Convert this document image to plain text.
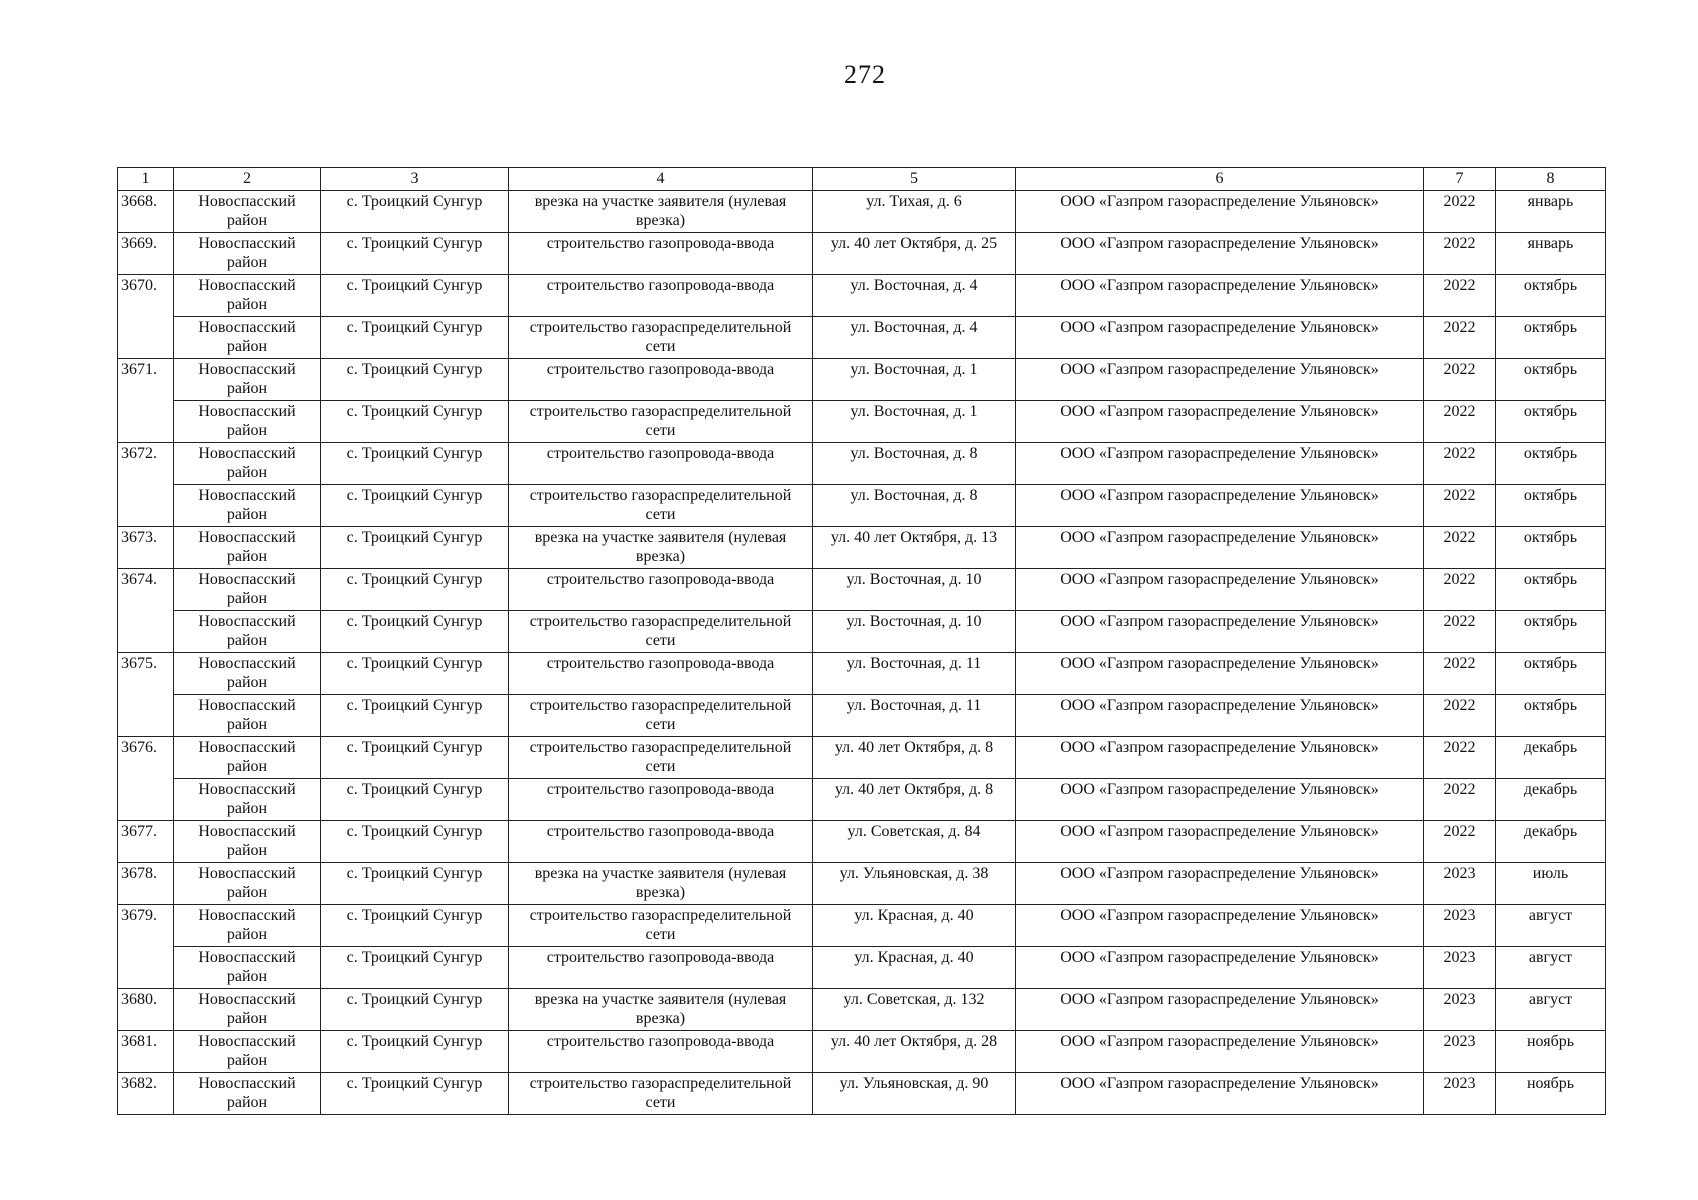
272
1	2	3	4	5	6	7	8
3668.	Новоспасский район	с. Троицкий Сунгур	врезка на участке заявителя (нулевая врезка)	ул. Тихая, д. 6	ООО «Газпром газораспределение Ульяновск»	2022	январь
3669.	Новоспасский район	с. Троицкий Сунгур	строительство газопровода-ввода	ул. 40 лет Октября, д. 25	ООО «Газпром газораспределение Ульяновск»	2022	январь
3670.	Новоспасский район	с. Троицкий Сунгур	строительство газопровода-ввода	ул. Восточная, д. 4	ООО «Газпром газораспределение Ульяновск»	2022	октябрь
	Новоспасский район	с. Троицкий Сунгур	строительство газораспределительной сети	ул. Восточная, д. 4	ООО «Газпром газораспределение Ульяновск»	2022	октябрь
3671.	Новоспасский район	с. Троицкий Сунгур	строительство газопровода-ввода	ул. Восточная, д. 1	ООО «Газпром газораспределение Ульяновск»	2022	октябрь
	Новоспасский район	с. Троицкий Сунгур	строительство газораспределительной сети	ул. Восточная, д. 1	ООО «Газпром газораспределение Ульяновск»	2022	октябрь
3672.	Новоспасский район	с. Троицкий Сунгур	строительство газопровода-ввода	ул. Восточная, д. 8	ООО «Газпром газораспределение Ульяновск»	2022	октябрь
	Новоспасский район	с. Троицкий Сунгур	строительство газораспределительной сети	ул. Восточная, д. 8	ООО «Газпром газораспределение Ульяновск»	2022	октябрь
3673.	Новоспасский район	с. Троицкий Сунгур	врезка на участке заявителя (нулевая врезка)	ул. 40 лет Октября, д. 13	ООО «Газпром газораспределение Ульяновск»	2022	октябрь
3674.	Новоспасский район	с. Троицкий Сунгур	строительство газопровода-ввода	ул. Восточная, д. 10	ООО «Газпром газораспределение Ульяновск»	2022	октябрь
	Новоспасский район	с. Троицкий Сунгур	строительство газораспределительной сети	ул. Восточная, д. 10	ООО «Газпром газораспределение Ульяновск»	2022	октябрь
3675.	Новоспасский район	с. Троицкий Сунгур	строительство газопровода-ввода	ул. Восточная, д. 11	ООО «Газпром газораспределение Ульяновск»	2022	октябрь
	Новоспасский район	с. Троицкий Сунгур	строительство газораспределительной сети	ул. Восточная, д. 11	ООО «Газпром газораспределение Ульяновск»	2022	октябрь
3676.	Новоспасский район	с. Троицкий Сунгур	строительство газораспределительной сети	ул. 40 лет Октября, д. 8	ООО «Газпром газораспределение Ульяновск»	2022	декабрь
	Новоспасский район	с. Троицкий Сунгур	строительство газопровода-ввода	ул. 40 лет Октября, д. 8	ООО «Газпром газораспределение Ульяновск»	2022	декабрь
3677.	Новоспасский район	с. Троицкий Сунгур	строительство газопровода-ввода	ул. Советская, д. 84	ООО «Газпром газораспределение Ульяновск»	2022	декабрь
3678.	Новоспасский район	с. Троицкий Сунгур	врезка на участке заявителя (нулевая врезка)	ул. Ульяновская, д. 38	ООО «Газпром газораспределение Ульяновск»	2023	июль
3679.	Новоспасский район	с. Троицкий Сунгур	строительство газораспределительной сети	ул. Красная, д. 40	ООО «Газпром газораспределение Ульяновск»	2023	август
	Новоспасский район	с. Троицкий Сунгур	строительство газопровода-ввода	ул. Красная, д. 40	ООО «Газпром газораспределение Ульяновск»	2023	август
3680.	Новоспасский район	с. Троицкий Сунгур	врезка на участке заявителя (нулевая врезка)	ул. Советская, д. 132	ООО «Газпром газораспределение Ульяновск»	2023	август
3681.	Новоспасский район	с. Троицкий Сунгур	строительство газопровода-ввода	ул. 40 лет Октября, д. 28	ООО «Газпром газораспределение Ульяновск»	2023	ноябрь
3682.	Новоспасский район	с. Троицкий Сунгур	строительство газораспределительной сети	ул. Ульяновская, д. 90	ООО «Газпром газораспределение Ульяновск»	2023	ноябрь
